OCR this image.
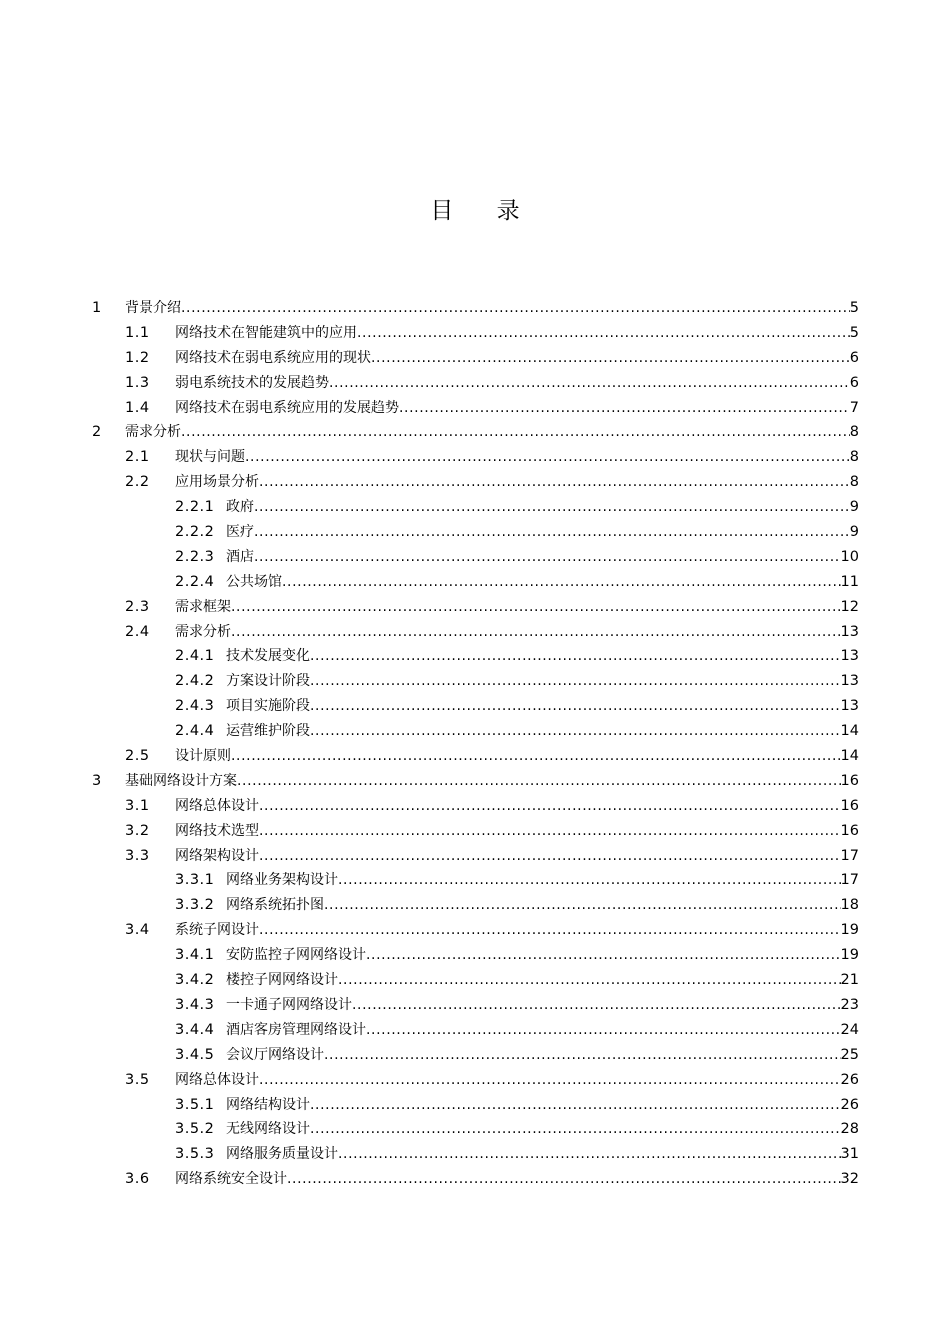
目 录
1	背景介绍 .....	5
1.1	网络技术在智能建筑中的应用 .....	5
1.2	网络技术在弱电系统应用的现状 .....	6
1.3	弱电系统技术的发展趋势 .....	6
1.4	网络技术在弱电系统应用的发展趋势 .....	7
2	需求分析 .....	8
2.1	现状与问题 .....	8
2.2	应用场景分析 .....	8
2.2.1 政府 .....	9
2.2.2 医疗 .....	9
2.2.3 酒店 .....	10
2.2.4 公共场馆 .....	11
2.3	需求框架 .....	12
2.4	需求分析 .....	13
2.4.1 技术发展变化 .....	13
2.4.2 方案设计阶段 .....	13
2.4.3 项目实施阶段 .....	13
2.4.4 运营维护阶段 .....	14
2.5	设计原则 .....	14
3	基础网络设计方案 .....	16
3.1	网络总体设计 .....	16
3.2	网络技术选型 .....	16
3.3	网络架构设计 .....	17
3.3.1 网络业务架构设计 .....	17
3.3.2 网络系统拓扑图 .....	18
3.4	系统子网设计 .....	19
3.4.1 安防监控子网网络设计 .....	19
3.4.2 楼控子网网络设计 .....	21
3.4.3 一卡通子网网络设计 .....	23
3.4.4 酒店客房管理网络设计 .....	24
3.4.5 会议厅网络设计 .....	25
3.5	网络总体设计 .....	26
3.5.1 网络结构设计 .....	26
3.5.2 无线网络设计 .....	28
3.5.3 网络服务质量设计 .....	31
3.6	网络系统安全设计 .....	32
